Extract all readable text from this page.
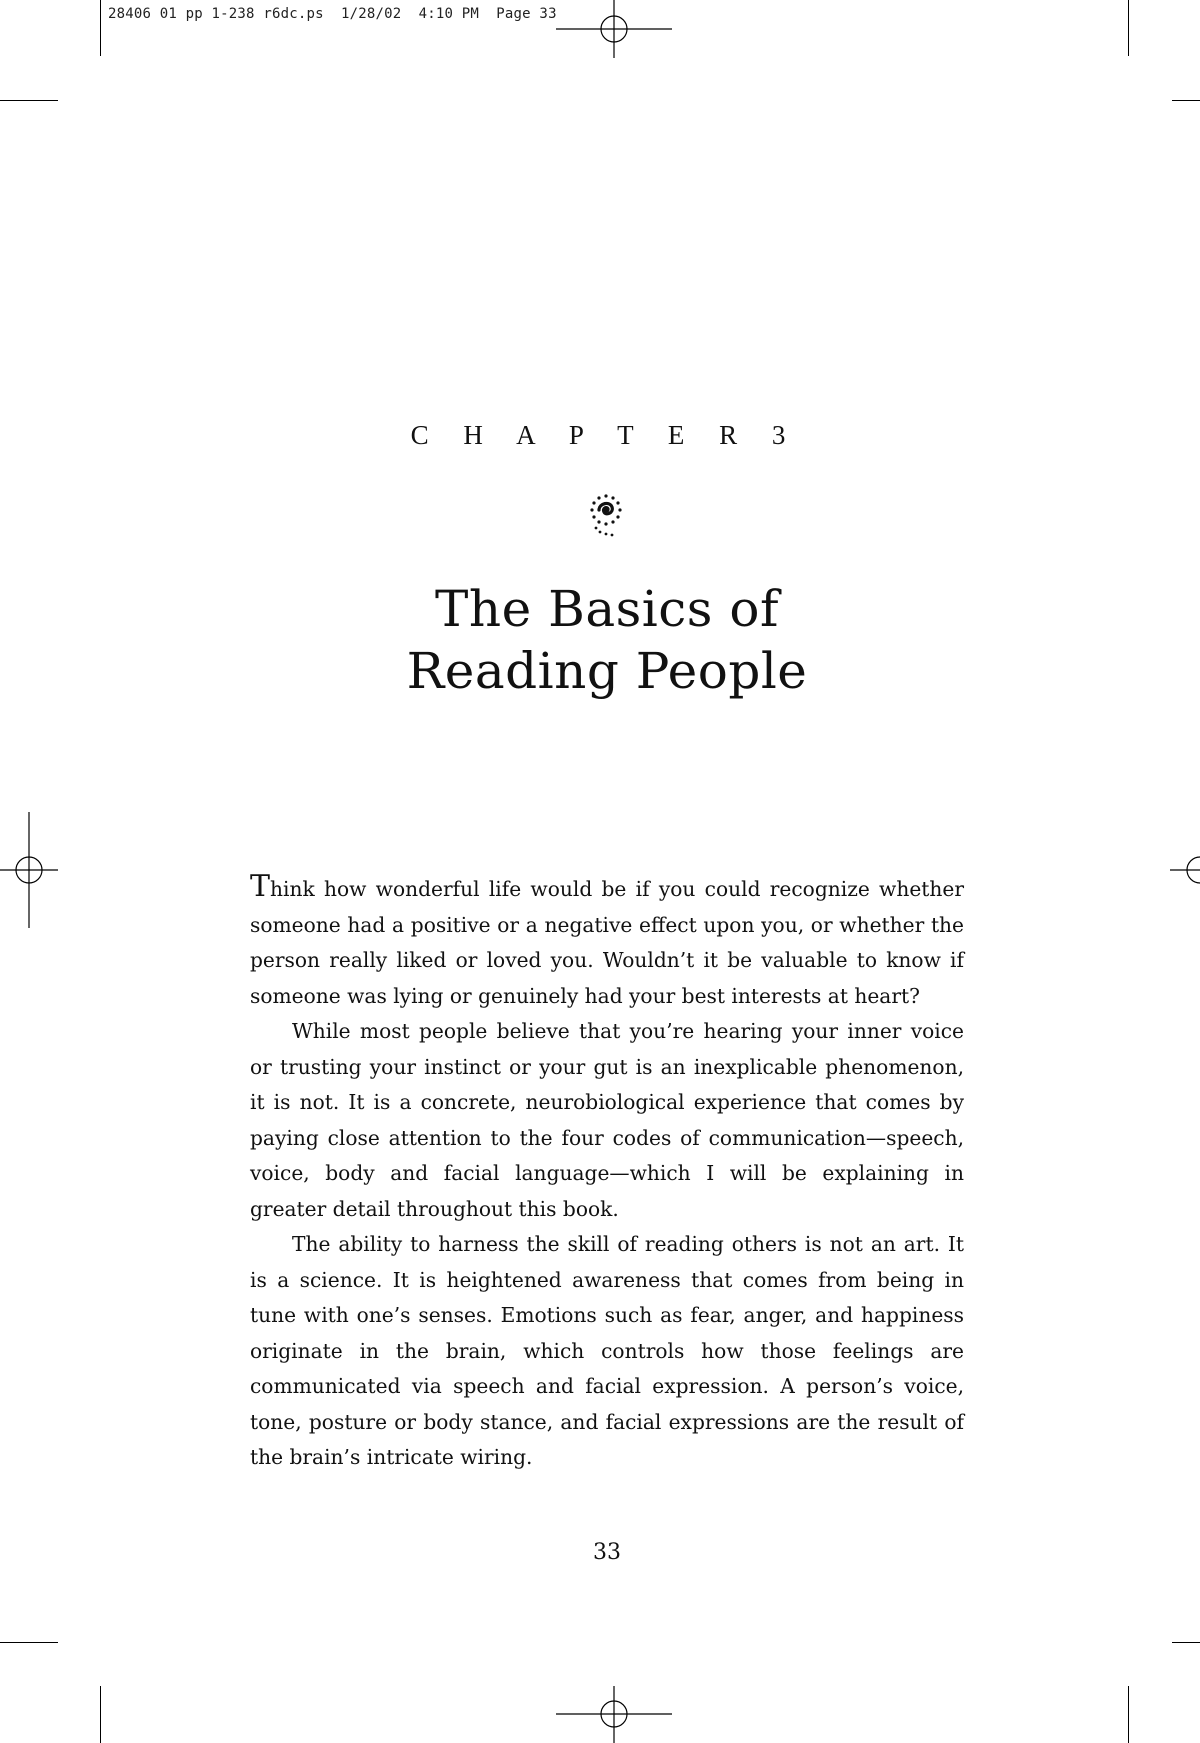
28406 01 pp 1-238 r6dc.ps  1/28/02  4:10 PM  Page 33
C H A P T E R 3
The Basics of
Reading People

Think how wonderful life would be if you could recognize whether someone had a positive or a negative effect upon you, or whether the person really liked or loved you. Wouldn’t it be valuable to know if someone was lying or genuinely had your best interests at heart?

While most people believe that you’re hearing your inner voice or trusting your instinct or your gut is an inexplicable phenomenon, it is not. It is a concrete, neurobiological experience that comes by paying close attention to the four codes of communication—speech, voice, body and facial language—which I will be explaining in greater detail throughout this book.

The ability to harness the skill of reading others is not an art. It is a science. It is heightened awareness that comes from being in tune with one’s senses. Emotions such as fear, anger, and happiness originate in the brain, which controls how those feelings are communicated via speech and facial expression. A person’s voice, tone, posture or body stance, and facial expressions are the result of the brain’s intricate wiring.

33
